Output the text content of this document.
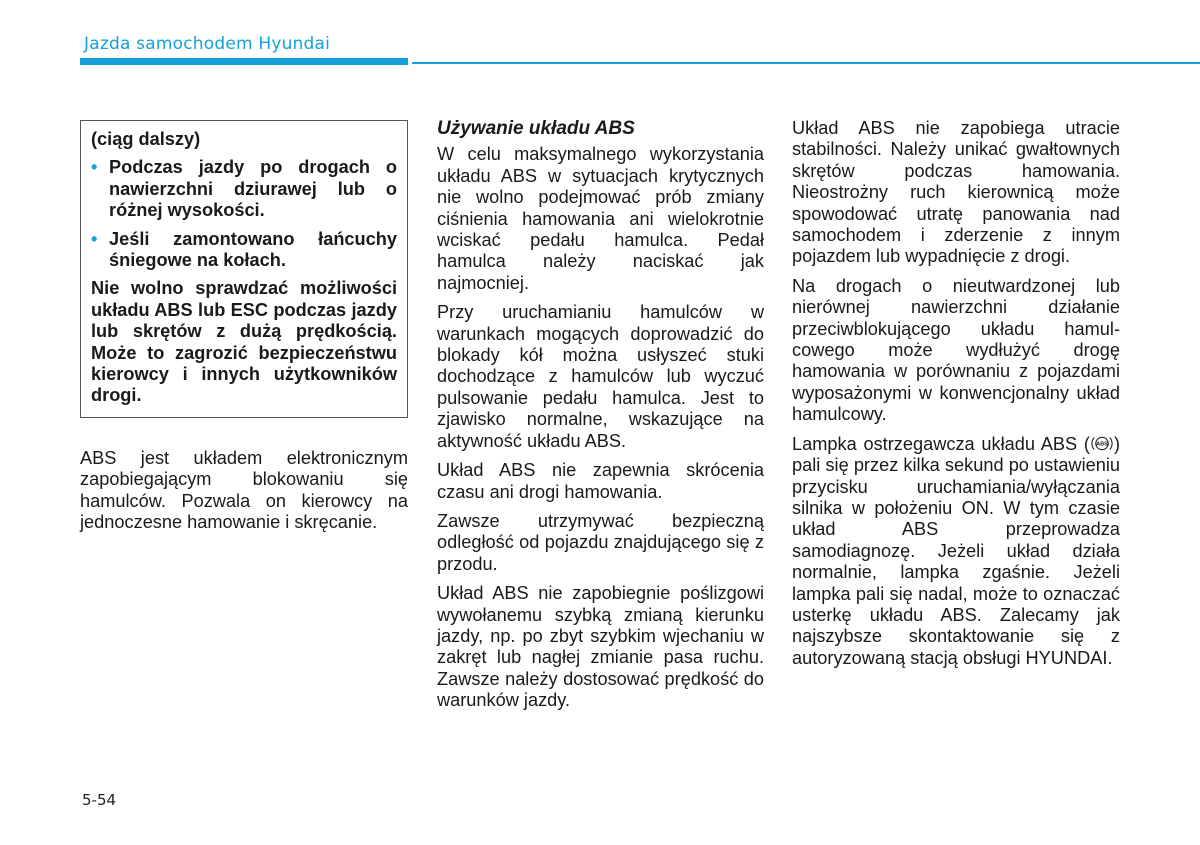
Jazda samochodem Hyundai
(ciąg dalszy)
• Podczas jazdy po drogach o nawierzchni dziurawej lub o różnej wysokości.
• Jeśli zamontowano łańcuchy śniegowe na kołach.

Nie wolno sprawdzać możliwości układu ABS lub ESC podczas jazdy lub skrętów z dużą prędkością. Może to zagrozić bezpieczeństwu kierowcy i innych użytkowników drogi.

ABS jest układem elektronicznym zapobiegającym blokowaniu się hamulców. Pozwala on kierowcy na jednoczesne hamowanie i skręcanie.

Używanie układu ABS

W celu maksymalnego wykorzystania układu ABS w sytuacjach krytycznych nie wolno podejmować prób zmiany ciśnienia hamowania ani wielokrotnie wciskać pedału hamulca. Pedał hamulca należy naciskać jak najmocniej.

Przy uruchamianiu hamulców w warunkach mogących doprowadzić do blokady kół można usłyszeć stuki dochodzące z hamulców lub wyczuć pulsowanie pedału hamulca. Jest to zjawisko normalne, wskazujące na aktywność układu ABS.

Układ ABS nie zapewnia skrócenia czasu ani drogi hamowania.

Zawsze utrzymywać bezpieczną odległość od pojazdu znajdującego się z przodu.

Układ ABS nie zapobiegnie poślizgowi wywołanemu szybką zmianą kierunku jazdy, np. po zbyt szybkim wjechaniu w zakręt lub nagłej zmianie pasa ruchu. Zawsze należy dostosować prędkość do warunków jazdy.

Układ ABS nie zapobiega utracie stabilności. Należy unikać gwałtownych skrętów podczas hamowania. Nieostrożny ruch kierownicą może spowodować utratę panowania nad samochodem i zderzenie z innym pojazdem lub wypadnięcie z drogi.

Na drogach o nieutwardzonej lub nierównej nawierzchni działanie przeciwblokującego układu hamulcowego może wydłużyć drogę hamowania w porównaniu z pojazdami wyposażonymi w konwencjonalny układ hamulcowy.

Lampka ostrzegawcza układu ABS ( ABS ) pali się przez kilka sekund po ustawieniu przycisku uruchamiania/wyłączania silnika w położeniu ON. W tym czasie układ ABS przeprowadza samodiagnozę. Jeżeli układ działa normalnie, lampka zgaśnie. Jeżeli lampka pali się nadal, może to oznaczać usterkę układu ABS. Zalecamy jak najszybsze skontaktowanie się z autoryzowaną stacją obsługi HYUNDAI.

5-54
